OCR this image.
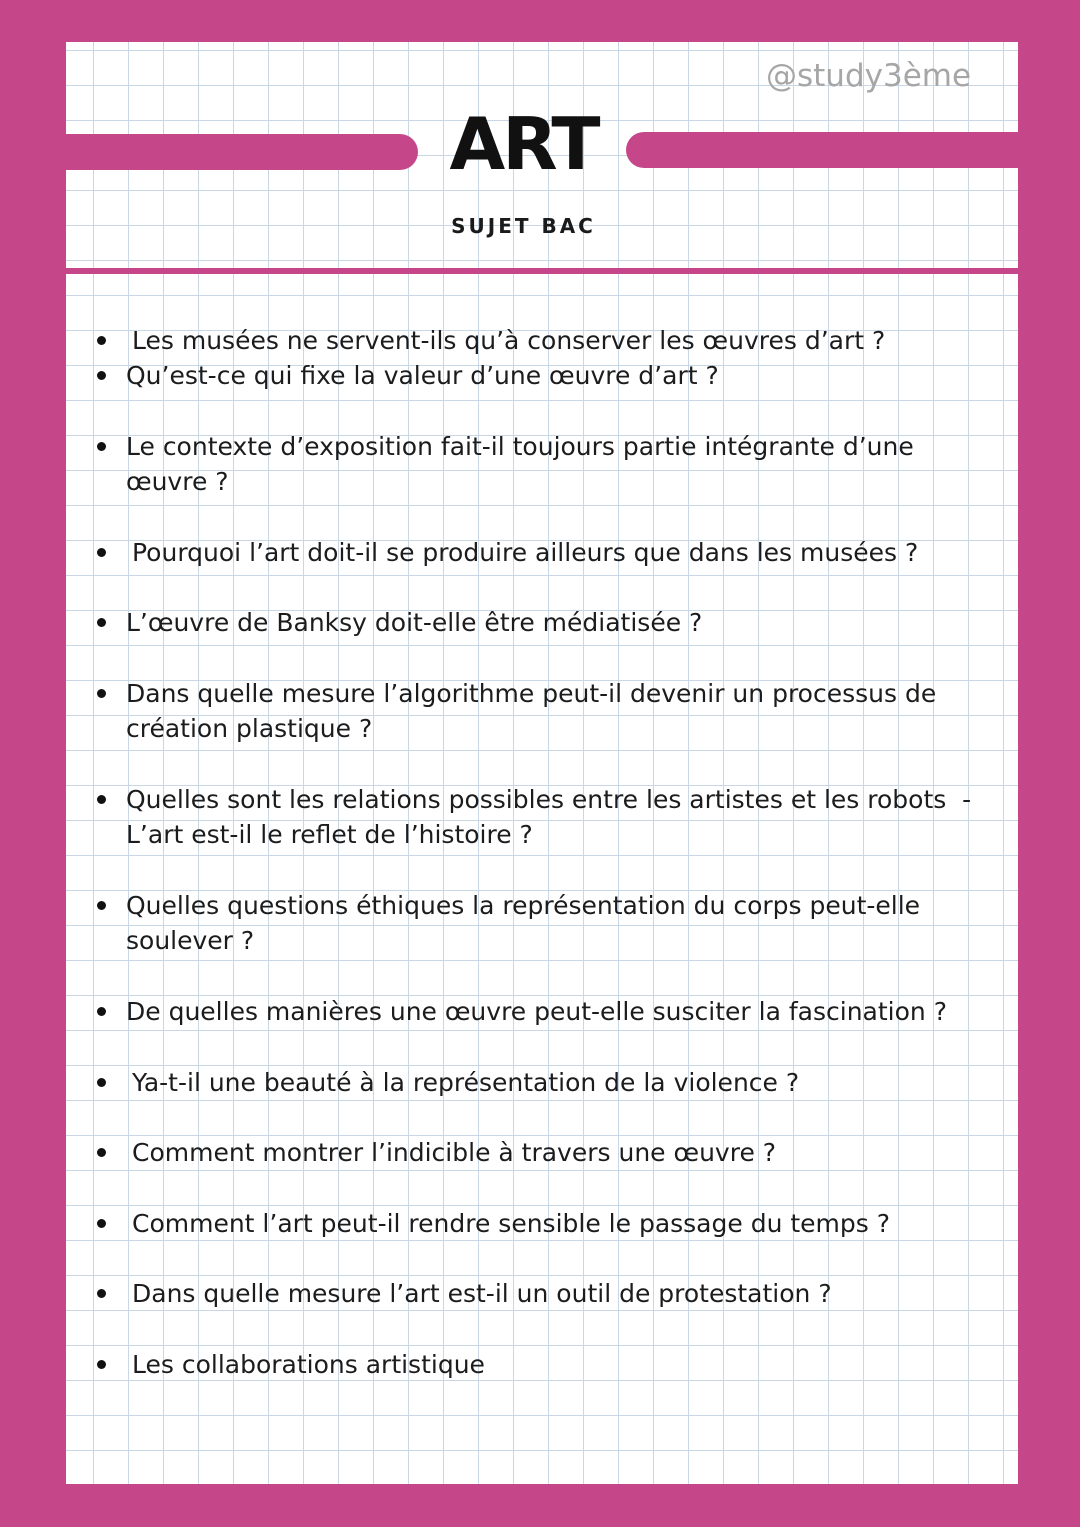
@study3ème
ART
SUJET BAC
Les musées ne servent-ils qu’à conserver les œuvres d’art ?
Qu’est-ce qui fixe la valeur d’une œuvre d’art ?
Le contexte d’exposition fait-il toujours partie intégrante d’une
œuvre ?
Pourquoi l’art doit-il se produire ailleurs que dans les musées ?
L’œuvre de Banksy doit-elle être médiatisée ?
Dans quelle mesure l’algorithme peut-il devenir un processus de
création plastique ?
Quelles sont les relations possibles entre les artistes et les robots  -
L’art est-il le reflet de l’histoire ?
Quelles questions éthiques la représentation du corps peut-elle
soulever ?
De quelles manières une œuvre peut-elle susciter la fascination ?
Ya-t-il une beauté à la représentation de la violence ?
Comment montrer l’indicible à travers une œuvre ?
Comment l’art peut-il rendre sensible le passage du temps ?
Dans quelle mesure l’art est-il un outil de protestation ?
Les collaborations artistique
